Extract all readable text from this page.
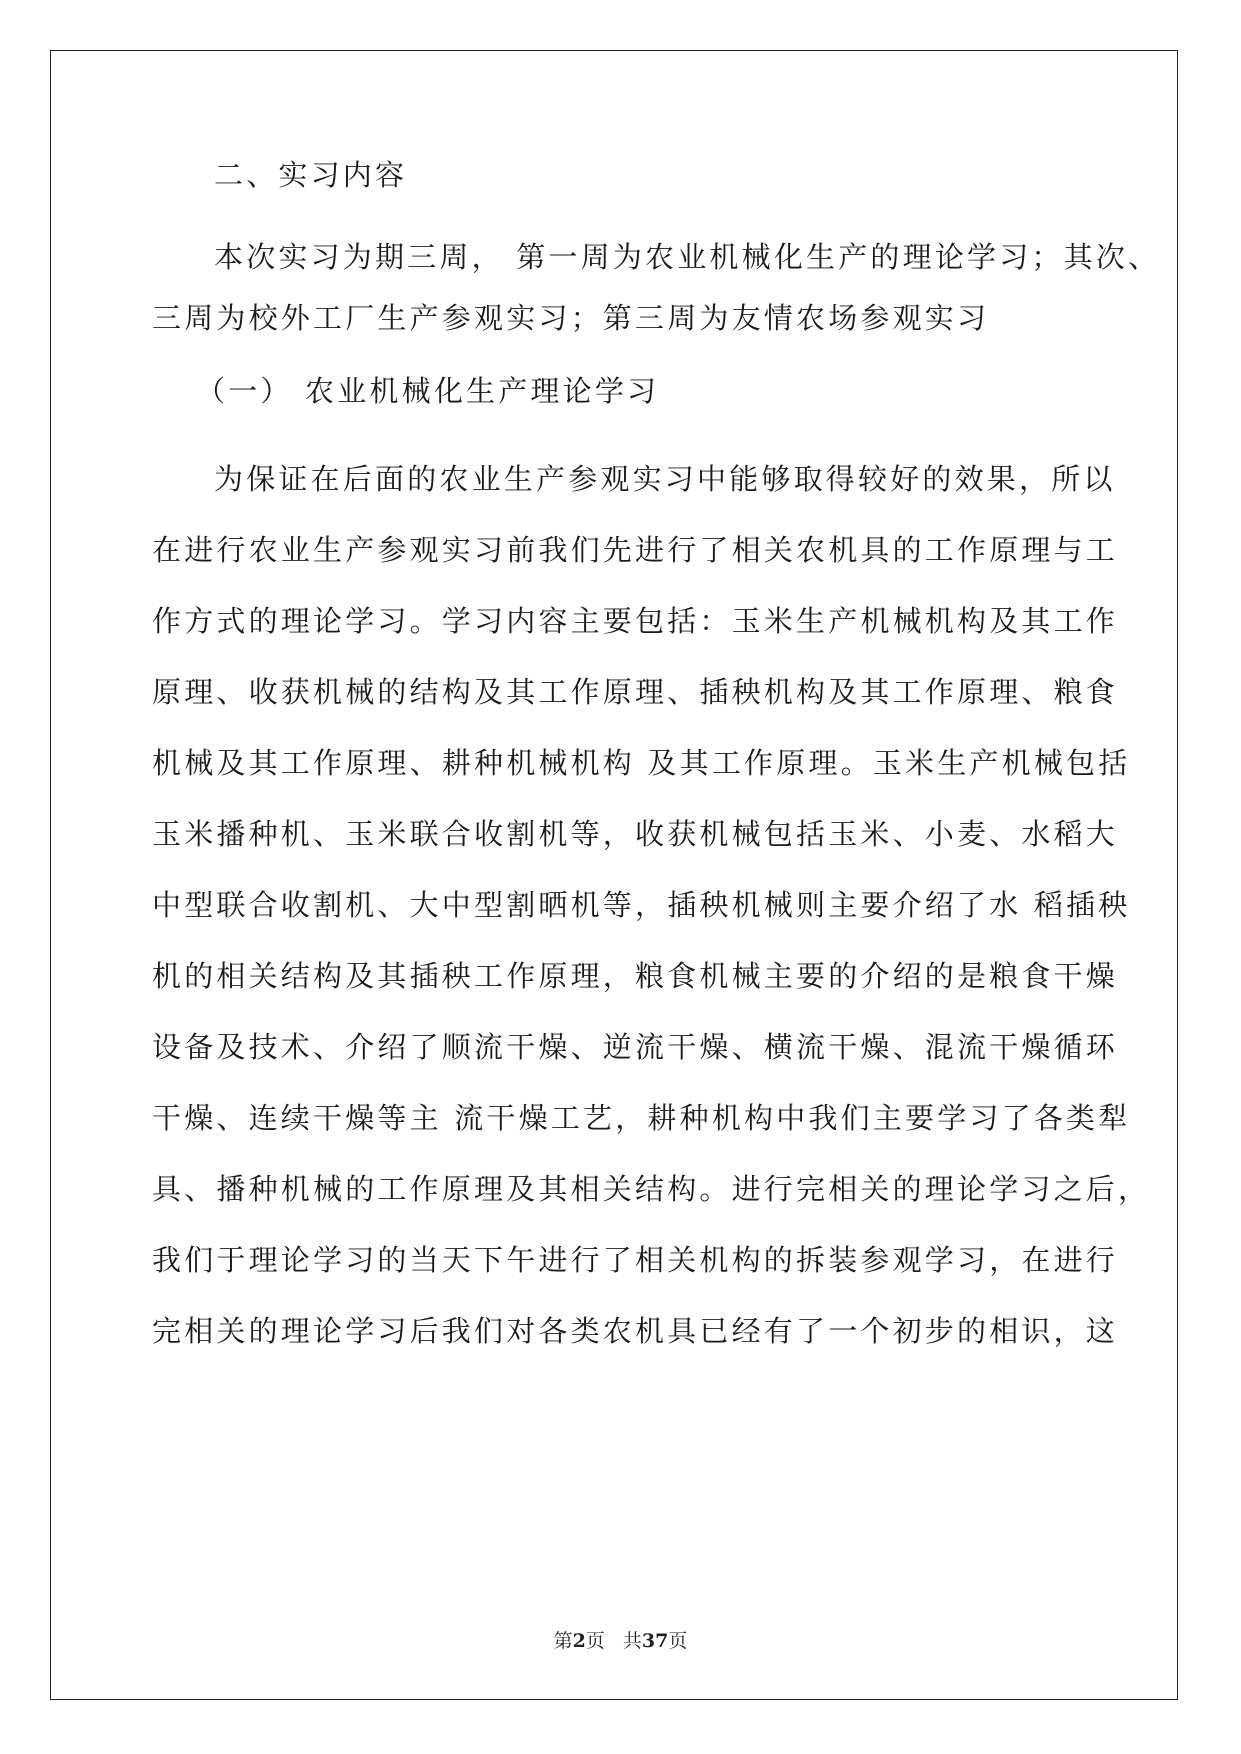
二、实习内容
本次实习为期三周， 第一周为农业机械化生产的理论学习；其次、
三周为校外工厂生产参观实习；第三周为友情农场参观实习
（一） 农业机械化生产理论学习
为保证在后面的农业生产参观实习中能够取得较好的效果，所以
在进行农业生产参观实习前我们先进行了相关农机具的工作原理与工
作方式的理论学习。学习内容主要包括：玉米生产机械机构及其工作
原理、收获机械的结构及其工作原理、插秧机构及其工作原理、粮食
机械及其工作原理、耕种机械机构 及其工作原理。玉米生产机械包括
玉米播种机、玉米联合收割机等，收获机械包括玉米、小麦、水稻大
中型联合收割机、大中型割晒机等，插秧机械则主要介绍了水 稻插秧
机的相关结构及其插秧工作原理，粮食机械主要的介绍的是粮食干燥
设备及技术、介绍了顺流干燥、逆流干燥、横流干燥、混流干燥循环
干燥、连续干燥等主 流干燥工艺，耕种机构中我们主要学习了各类犁
具、播种机械的工作原理及其相关结构。进行完相关的理论学习之后，
我们于理论学习的当天下午进行了相关机构的拆装参观学习，在进行
完相关的理论学习后我们对各类农机具已经有了一个初步的相识，这
第2页 共37页
